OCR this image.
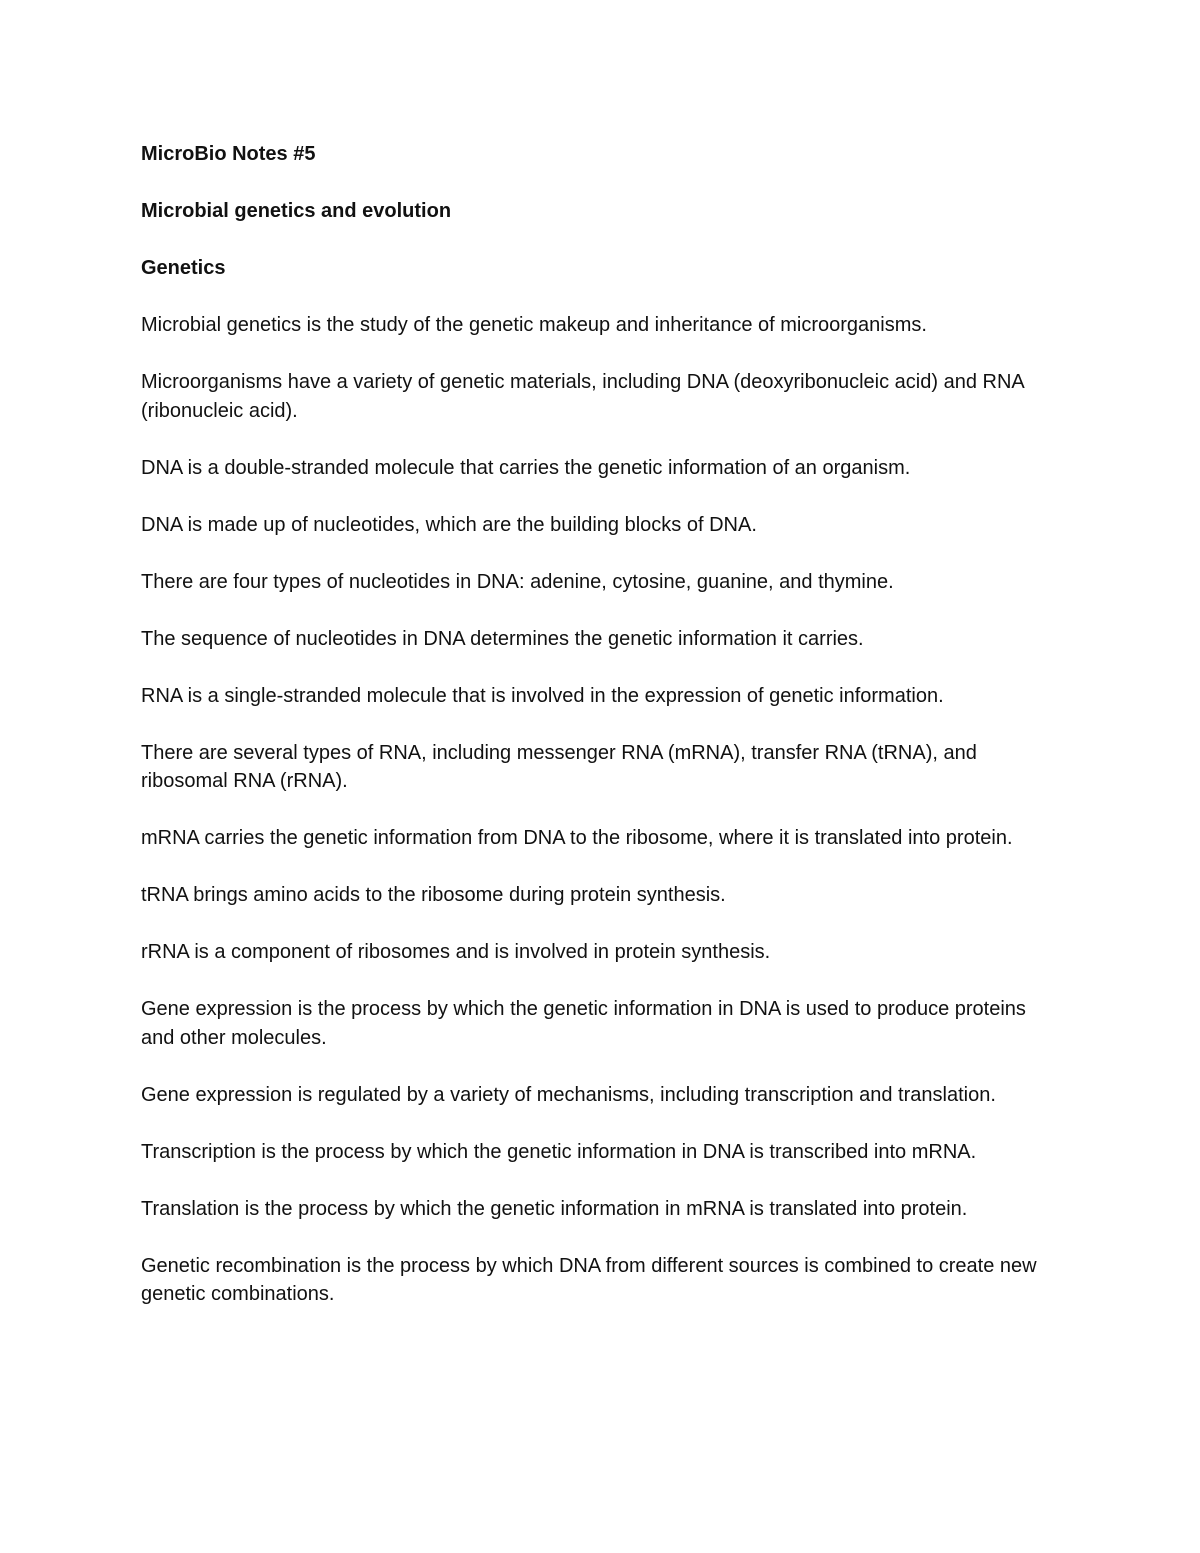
MicroBio Notes #5
Microbial genetics and evolution
Genetics

Microbial genetics is the study of the genetic makeup and inheritance of microorganisms.

Microorganisms have a variety of genetic materials, including DNA (deoxyribonucleic acid) and RNA (ribonucleic acid).

DNA is a double-stranded molecule that carries the genetic information of an organism.

DNA is made up of nucleotides, which are the building blocks of DNA.

There are four types of nucleotides in DNA: adenine, cytosine, guanine, and thymine.

The sequence of nucleotides in DNA determines the genetic information it carries.

RNA is a single-stranded molecule that is involved in the expression of genetic information.

There are several types of RNA, including messenger RNA (mRNA), transfer RNA (tRNA), and ribosomal RNA (rRNA).

mRNA carries the genetic information from DNA to the ribosome, where it is translated into protein.

tRNA brings amino acids to the ribosome during protein synthesis.

rRNA is a component of ribosomes and is involved in protein synthesis.

Gene expression is the process by which the genetic information in DNA is used to produce proteins and other molecules.

Gene expression is regulated by a variety of mechanisms, including transcription and translation.

Transcription is the process by which the genetic information in DNA is transcribed into mRNA.

Translation is the process by which the genetic information in mRNA is translated into protein.

Genetic recombination is the process by which DNA from different sources is combined to create new genetic combinations.
